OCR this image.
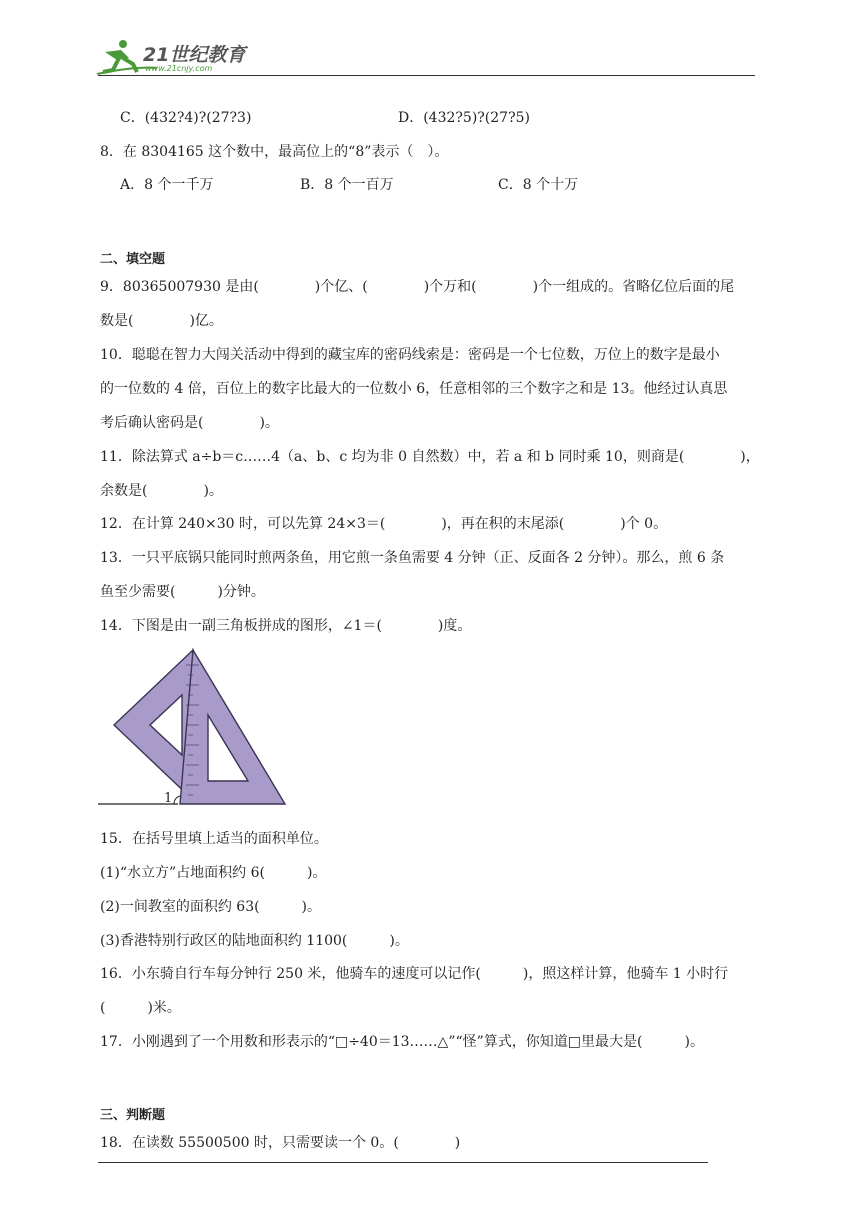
21世纪教育
www.21cnjy.com
C．(432?4)?(27?3)	D．(432?5)?(27?5)
8．在 8304165 这个数中，最高位上的“8”表示（　）。
A．8 个一千万	B．8 个一百万	C．8 个十万
二、填空题
9．80365007930 是由(　　　　)个亿、(　　　　)个万和(　　　　)个一组成的。省略亿位后面的尾
数是(　　　　)亿。
10．聪聪在智力大闯关活动中得到的藏宝库的密码线索是：密码是一个七位数，万位上的数字是最小
的一位数的 4 倍，百位上的数字比最大的一位数小 6，任意相邻的三个数字之和是 13。他经过认真思
考后确认密码是(　　　　)。
11．除法算式 a÷b＝c……4（a、b、c 均为非 0 自然数）中，若 a 和 b 同时乘 10，则商是(　　　　)，
余数是(　　　　)。
12．在计算 240×30 时，可以先算 24×3＝(　　　　)，再在积的末尾添(　　　　)个 0。
13．一只平底锅只能同时煎两条鱼，用它煎一条鱼需要 4 分钟（正、反面各 2 分钟）。那么，煎 6 条
鱼至少需要(　　　)分钟。
14．下图是由一副三角板拼成的图形，∠1＝(　　　　)度。
1
15．在括号里填上适当的面积单位。
(1)“水立方”占地面积约 6(　　　)。
(2)一间教室的面积约 63(　　　)。
(3)香港特别行政区的陆地面积约 1100(　　　)。
16．小东骑自行车每分钟行 250 米，他骑车的速度可以记作(　　　)，照这样计算，他骑车 1 小时行
(　　　)米。
17．小刚遇到了一个用数和形表示的“□÷40＝13……△”“怪”算式，你知道□里最大是(　　　)。
三、判断题
18．在读数 55500500 时，只需要读一个 0。(　　　　)
